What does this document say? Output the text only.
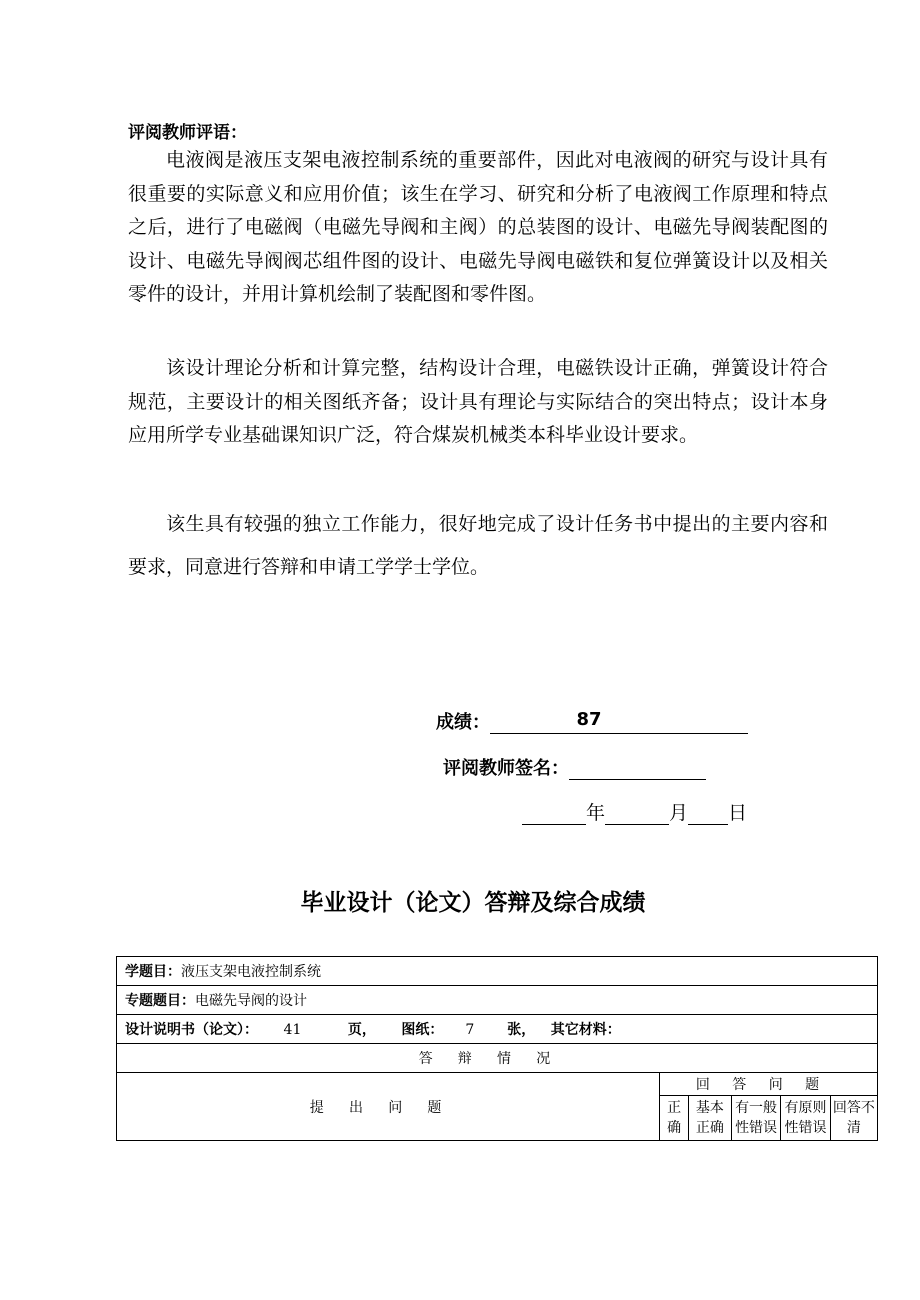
评阅教师评语：

电液阀是液压支架电液控制系统的重要部件，因此对电液阀的研究与设计具有很重要的实际意义和应用价值；该生在学习、研究和分析了电液阀工作原理和特点之后，进行了电磁阀（电磁先导阀和主阀）的总装图的设计、电磁先导阀装配图的设计、电磁先导阀阀芯组件图的设计、电磁先导阀电磁铁和复位弹簧设计以及相关零件的设计，并用计算机绘制了装配图和零件图。

该设计理论分析和计算完整，结构设计合理，电磁铁设计正确，弹簧设计符合规范，主要设计的相关图纸齐备；设计具有理论与实际结合的突出特点；设计本身应用所学专业基础课知识广泛，符合煤炭机械类本科毕业设计要求。

该生具有较强的独立工作能力，很好地完成了设计任务书中提出的主要内容和要求，同意进行答辩和申请工学学士学位。

成绩：	87
评阅教师签名：
年	月 日
毕业设计（论文）答辩及综合成绩
学题目：液压支架电液控制系统					
专题题目：电磁先导阀的设计					
设计说明书（论文）： 41 页， 图纸： 7 张， 其它材料：					
答辩情况					
提出问题	回答问题				
	正确	基本正确	有一般性错误	有原则性错误	回答不清
